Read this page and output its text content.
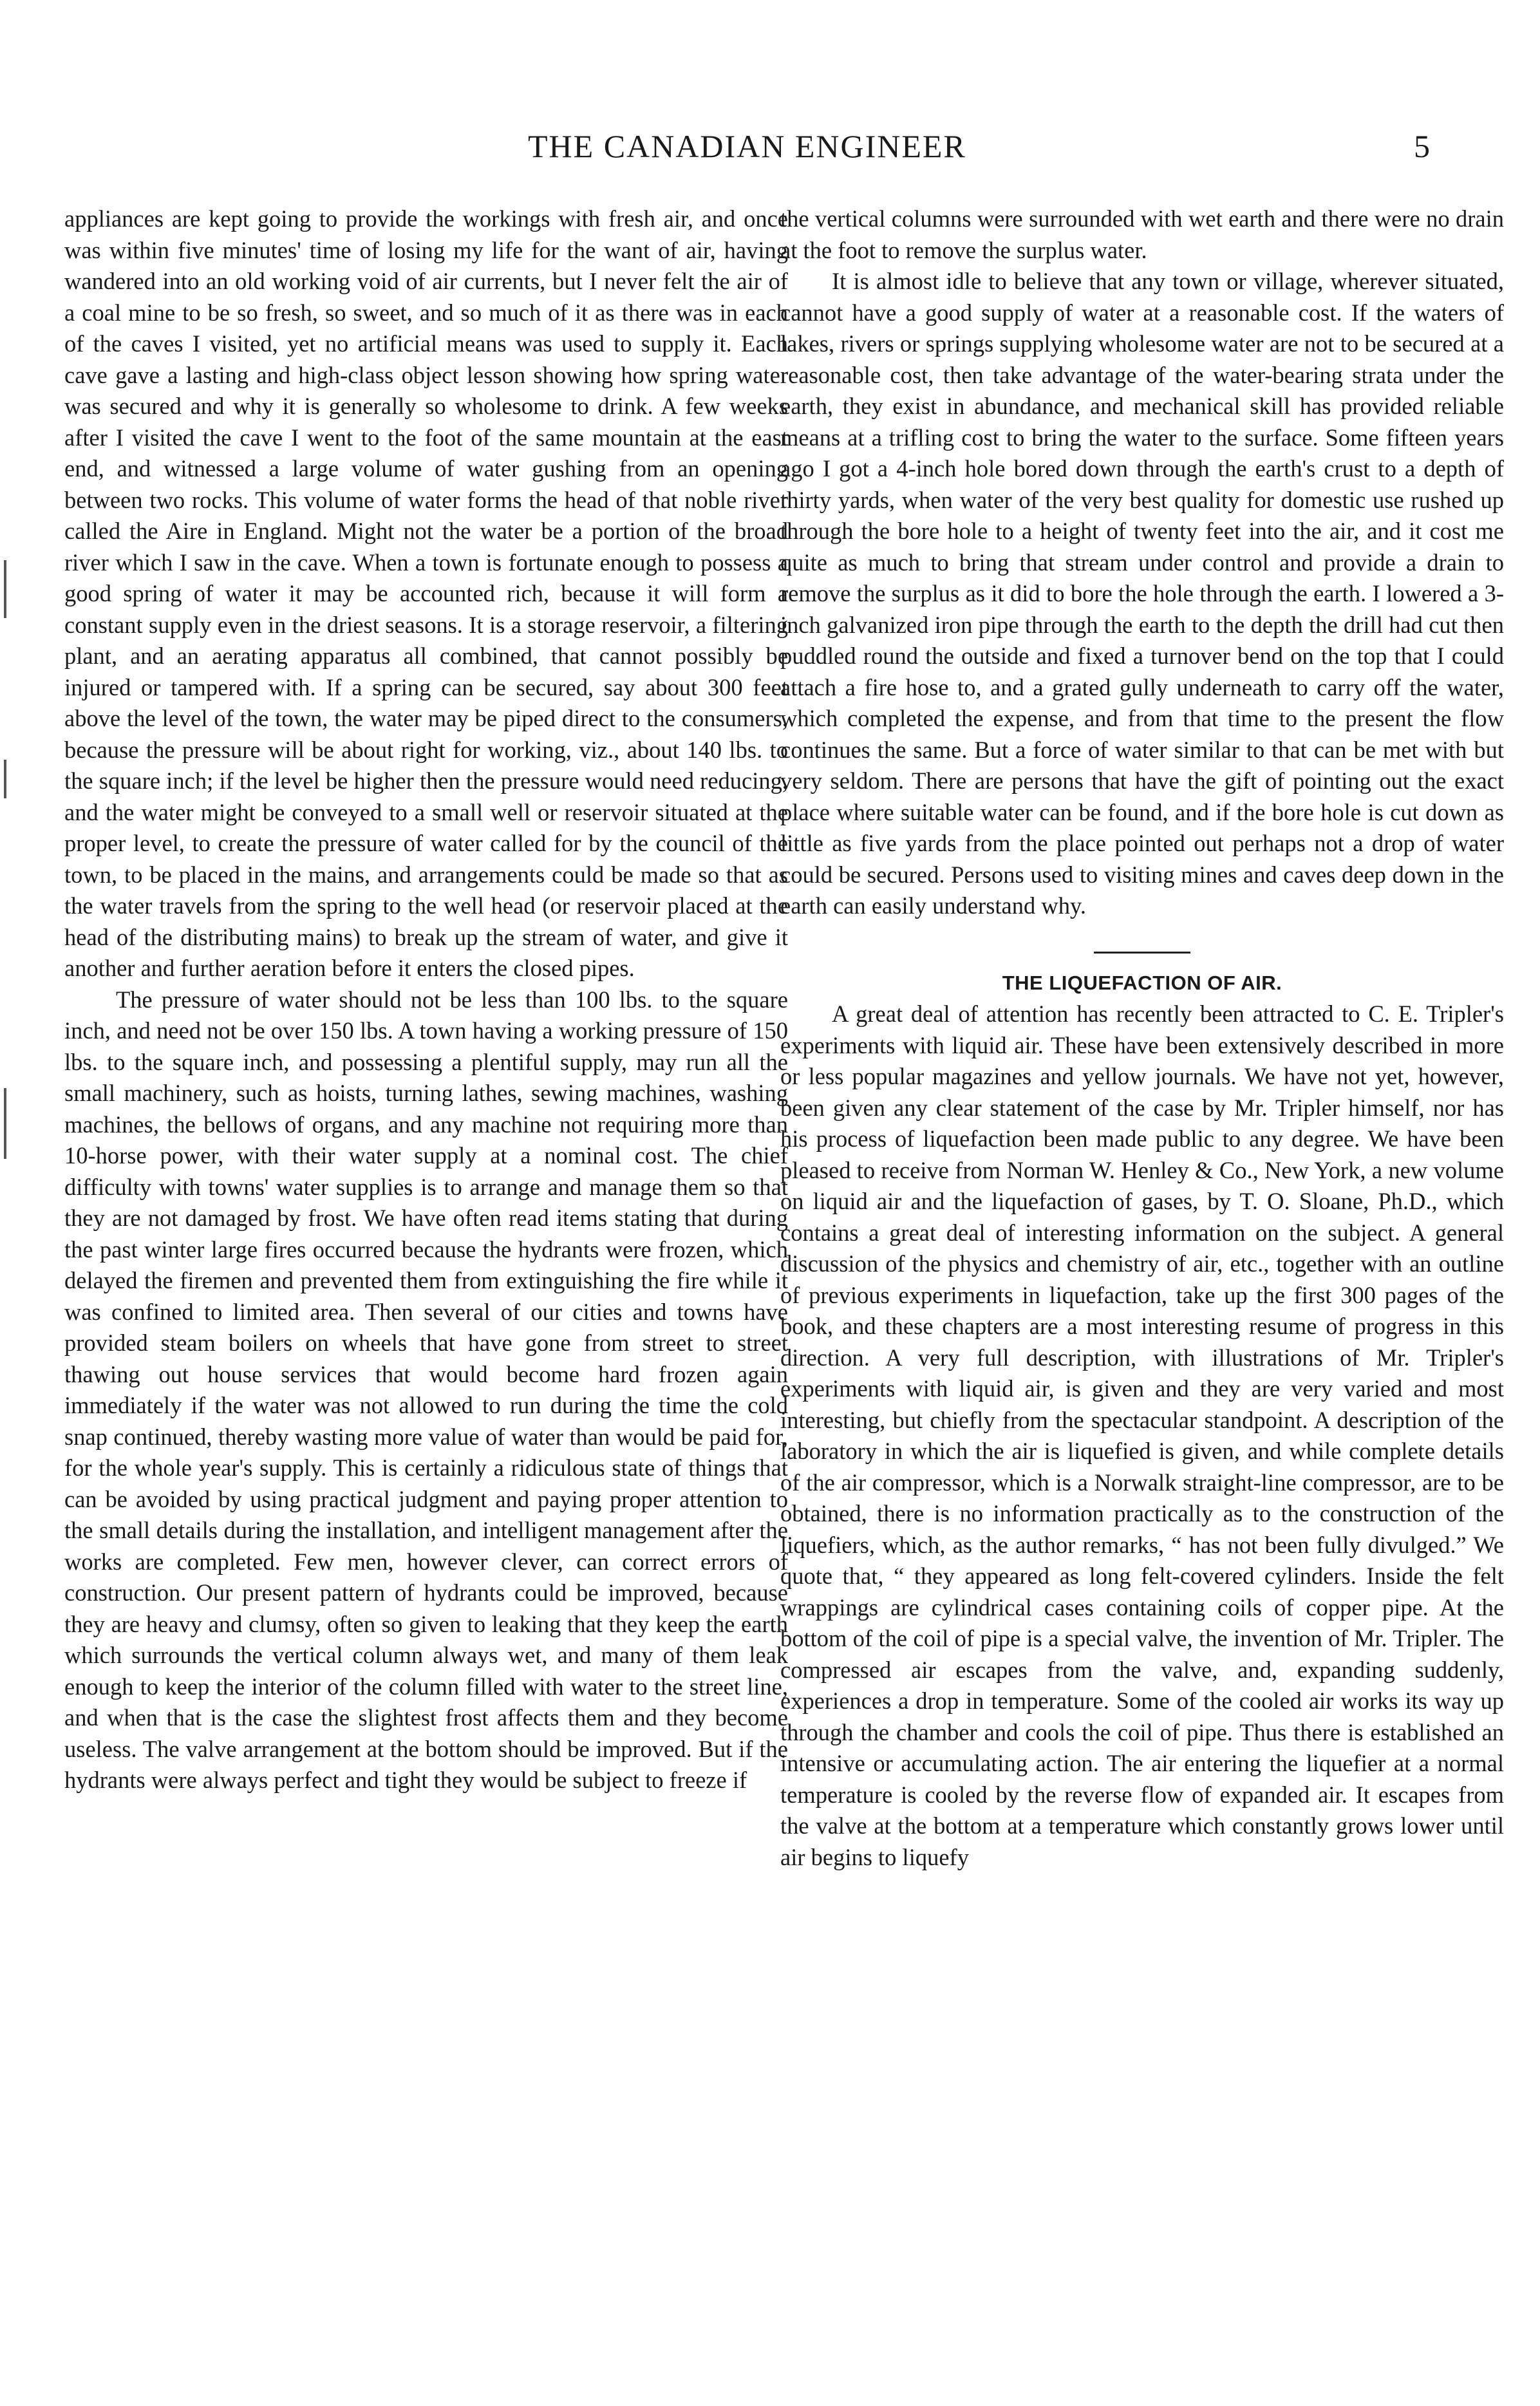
THE CANADIAN ENGINEER	5

appliances are kept going to provide the workings with fresh air, and once was within five minutes' time of losing my life for the want of air, having wandered into an old working void of air currents, but I never felt the air of a coal mine to be so fresh, so sweet, and so much of it as there was in each of the caves I visited, yet no artificial means was used to supply it. Each cave gave a lasting and high-class object lesson showing how spring water was secured and why it is generally so wholesome to drink. A few weeks after I visited the cave I went to the foot of the same mountain at the east end, and witnessed a large volume of water gushing from an opening between two rocks. This volume of water forms the head of that noble river called the Aire in England. Might not the water be a portion of the broad river which I saw in the cave. When a town is fortunate enough to possess a good spring of water it may be accounted rich, because it will form a constant supply even in the driest seasons. It is a storage reservoir, a filtering plant, and an aerating apparatus all combined, that cannot possibly be injured or tampered with. If a spring can be secured, say about 300 feet above the level of the town, the water may be piped direct to the consumers, because the pressure will be about right for working, viz., about 140 lbs. to the square inch; if the level be higher then the pressure would need reducing, and the water might be conveyed to a small well or reservoir situated at the proper level, to create the pressure of water called for by the council of the town, to be placed in the mains, and arrangements could be made so that as the water travels from the spring to the well head (or reservoir placed at the head of the distributing mains) to break up the stream of water, and give it another and further aeration before it enters the closed pipes.

The pressure of water should not be less than 100 lbs. to the square inch, and need not be over 150 lbs. A town having a working pressure of 150 lbs. to the square inch, and possessing a plentiful supply, may run all the small machinery, such as hoists, turning lathes, sewing machines, washing machines, the bellows of organs, and any machine not requiring more than 10-horse power, with their water supply at a nominal cost. The chief difficulty with towns' water supplies is to arrange and manage them so that they are not damaged by frost. We have often read items stating that during the past winter large fires occurred because the hydrants were frozen, which delayed the firemen and prevented them from extinguishing the fire while it was confined to limited area. Then several of our cities and towns have provided steam boilers on wheels that have gone from street to street thawing out house services that would become hard frozen again immediately if the water was not allowed to run during the time the cold snap continued, thereby wasting more value of water than would be paid for, for the whole year's supply. This is certainly a ridiculous state of things that can be avoided by using practical judgment and paying proper attention to the small details during the installation, and intelligent management after the works are completed. Few men, however clever, can correct errors of construction. Our present pattern of hydrants could be improved, because they are heavy and clumsy, often so given to leaking that they keep the earth which surrounds the vertical column always wet, and many of them leak enough to keep the interior of the column filled with water to the street line, and when that is the case the slightest frost affects them and they become useless. The valve arrangement at the bottom should be improved. But if the hydrants were always perfect and tight they would be subject to freeze if

the vertical columns were surrounded with wet earth and there were no drain at the foot to remove the surplus water.

It is almost idle to believe that any town or village, wherever situated, cannot have a good supply of water at a reasonable cost. If the waters of lakes, rivers or springs supplying wholesome water are not to be secured at a reasonable cost, then take advantage of the water-bearing strata under the earth, they exist in abundance, and mechanical skill has provided reliable means at a trifling cost to bring the water to the surface. Some fifteen years ago I got a 4-inch hole bored down through the earth's crust to a depth of thirty yards, when water of the very best quality for domestic use rushed up through the bore hole to a height of twenty feet into the air, and it cost me quite as much to bring that stream under control and provide a drain to remove the surplus as it did to bore the hole through the earth. I lowered a 3-inch galvanized iron pipe through the earth to the depth the drill had cut then puddled round the outside and fixed a turnover bend on the top that I could attach a fire hose to, and a grated gully underneath to carry off the water, which completed the expense, and from that time to the present the flow continues the same. But a force of water similar to that can be met with but very seldom. There are persons that have the gift of pointing out the exact place where suitable water can be found, and if the bore hole is cut down as little as five yards from the place pointed out perhaps not a drop of water could be secured. Persons used to visiting mines and caves deep down in the earth can easily understand why.

THE LIQUEFACTION OF AIR.

A great deal of attention has recently been attracted to C. E. Tripler's experiments with liquid air. These have been extensively described in more or less popular magazines and yellow journals. We have not yet, however, been given any clear statement of the case by Mr. Tripler himself, nor has his process of liquefaction been made public to any degree. We have been pleased to receive from Norman W. Henley & Co., New York, a new volume on liquid air and the liquefaction of gases, by T. O. Sloane, Ph.D., which contains a great deal of interesting information on the subject. A general discussion of the physics and chemistry of air, etc., together with an outline of previous experiments in liquefaction, take up the first 300 pages of the book, and these chapters are a most interesting resume of progress in this direction. A very full description, with illustrations of Mr. Tripler's experiments with liquid air, is given and they are very varied and most interesting, but chiefly from the spectacular standpoint. A description of the laboratory in which the air is liquefied is given, and while complete details of the air compressor, which is a Norwalk straight-line compressor, are to be obtained, there is no information practically as to the construction of the liquefiers, which, as the author remarks, “ has not been fully divulged.” We quote that, “ they appeared as long felt-covered cylinders. Inside the felt wrappings are cylindrical cases containing coils of copper pipe. At the bottom of the coil of pipe is a special valve, the invention of Mr. Tripler. The compressed air escapes from the valve, and, expanding suddenly, experiences a drop in temperature. Some of the cooled air works its way up through the chamber and cools the coil of pipe. Thus there is established an intensive or accumulating action. The air entering the liquefier at a normal temperature is cooled by the reverse flow of expanded air. It escapes from the valve at the bottom at a temperature which constantly grows lower until air begins to liquefy
